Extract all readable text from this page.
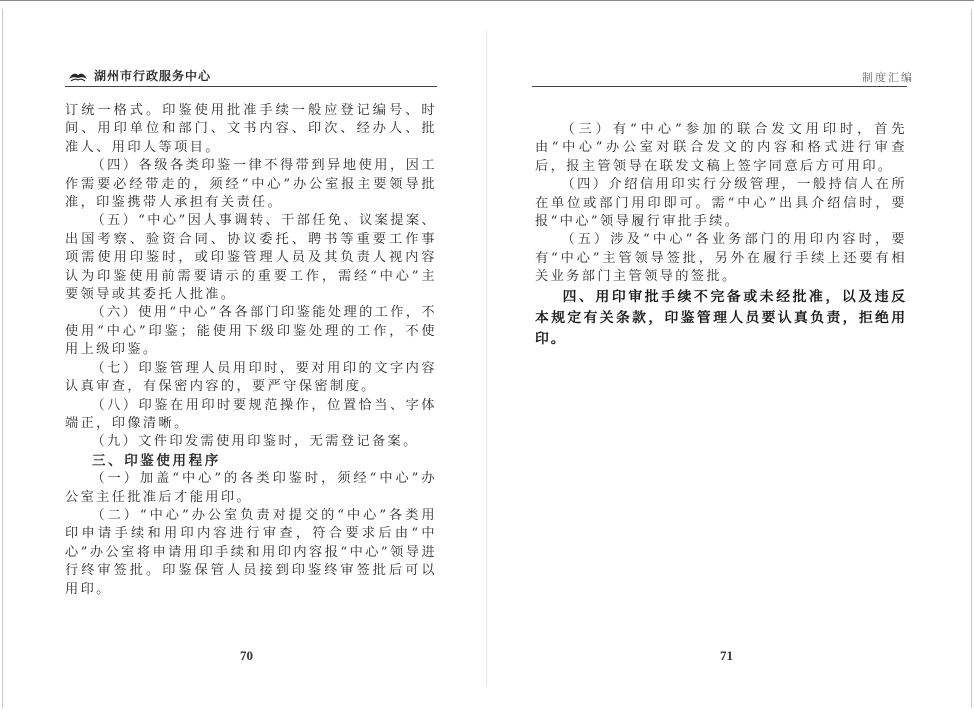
湖州市行政服务中心

订统一格式。印鉴使用批准手续一般应登记编号、时间、用印单位和部门、文书内容、印次、经办人、批准人、用印人等项目。

（四）各级各类印鉴一律不得带到异地使用，因工作需要必经带走的，须经“中心”办公室报主要领导批准，印鉴携带人承担有关责任。

（五）“中心”因人事调转、干部任免、议案提案、出国考察、验资合同、协议委托、聘书等重要工作事项需使用印鉴时，或印鉴管理人员及其负责人视内容认为印鉴使用前需要请示的重要工作，需经“中心”主要领导或其委托人批准。

（六）使用“中心”各各部门印鉴能处理的工作，不使用“中心”印鉴；能使用下级印鉴处理的工作，不使用上级印鉴。

（七）印鉴管理人员用印时，要对用印的文字内容认真审查，有保密内容的，要严守保密制度。

（八）印鉴在用印时要规范操作，位置恰当、字体端正，印像清晰。

（九）文件印发需使用印鉴时，无需登记备案。

三、印鉴使用程序

（一）加盖“中心”的各类印鉴时，须经“中心”办公室主任批准后才能用印。

（二）“中心”办公室负责对提交的“中心”各类用印申请手续和用印内容进行审查，符合要求后由“中心”办公室将申请用印手续和用印内容报“中心”领导进行终审签批。印鉴保管人员接到印鉴终审签批后可以用印。

70
制度汇编

（三）有“中心”参加的联合发文用印时，首先由“中心”办公室对联合发文的内容和格式进行审查后，报主管领导在联发文稿上签字同意后方可用印。

（四）介绍信用印实行分级管理，一般持信人在所在单位或部门用印即可。需“中心”出具介绍信时，要报“中心”领导履行审批手续。

（五）涉及“中心”各业务部门的用印内容时，要有“中心”主管领导签批，另外在履行手续上还要有相关业务部门主管领导的签批。

四、用印审批手续不完备或未经批准，以及违反本规定有关条款，印鉴管理人员要认真负责，拒绝用印。

71
